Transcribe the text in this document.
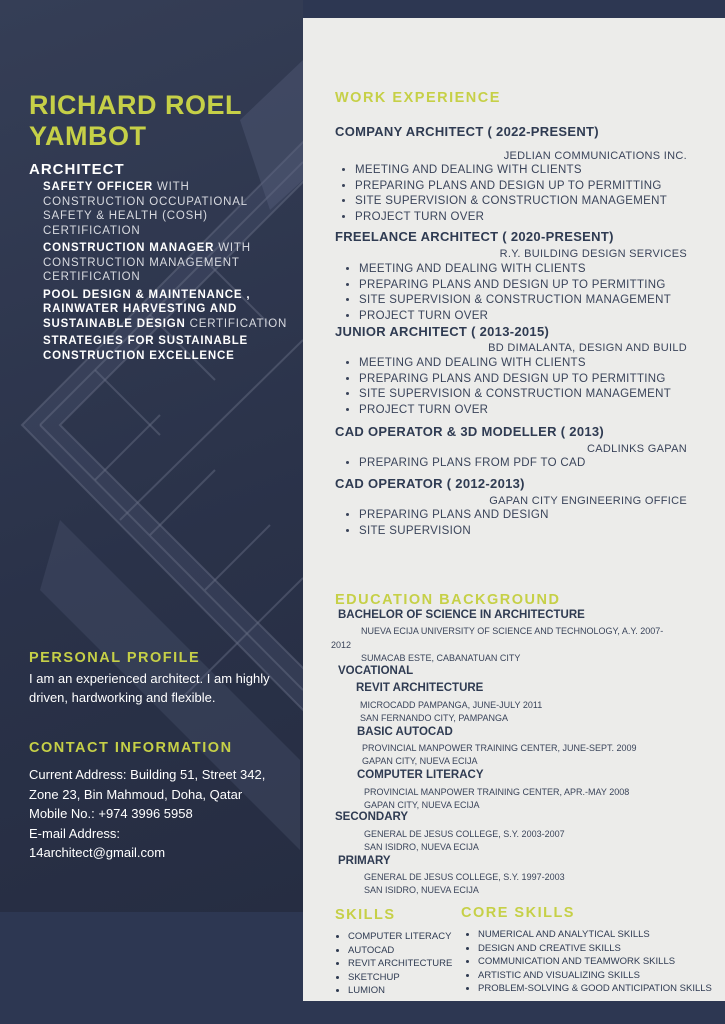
RICHARD ROEL
YAMBOT
ARCHITECT
SAFETY OFFICER WITH CONSTRUCTION OCCUPATIONAL SAFETY & HEALTH (COSH) CERTIFICATION
CONSTRUCTION MANAGER WITH CONSTRUCTION MANAGEMENT CERTIFICATION
POOL DESIGN & MAINTENANCE , RAINWATER HARVESTING AND SUSTAINABLE DESIGN CERTIFICATION
STRATEGIES FOR SUSTAINABLE CONSTRUCTION EXCELLENCE
PERSONAL PROFILE
I am an experienced architect. I am highly driven, hardworking and flexible.
CONTACT INFORMATION
Current Address: Building 51, Street 342, Zone 23, Bin Mahmoud, Doha, Qatar
Mobile No.: +974 3996 5958
E-mail Address:
14architect@gmail.com
WORK EXPERIENCE
COMPANY ARCHITECT ( 2022-PRESENT)
JEDLIAN COMMUNICATIONS INC.
• MEETING AND DEALING WITH CLIENTS
• PREPARING PLANS AND DESIGN UP TO PERMITTING
• SITE SUPERVISION & CONSTRUCTION MANAGEMENT
• PROJECT TURN OVER
FREELANCE ARCHITECT ( 2020-PRESENT)
R.Y. BUILDING DESIGN SERVICES
• MEETING AND DEALING WITH CLIENTS
• PREPARING PLANS AND DESIGN UP TO PERMITTING
• SITE SUPERVISION & CONSTRUCTION MANAGEMENT
• PROJECT TURN OVER
JUNIOR ARCHITECT ( 2013-2015)
BD DIMALANTA, DESIGN AND BUILD
• MEETING AND DEALING WITH CLIENTS
• PREPARING PLANS AND DESIGN UP TO PERMITTING
• SITE SUPERVISION & CONSTRUCTION MANAGEMENT
• PROJECT TURN OVER
CAD OPERATOR & 3D MODELLER ( 2013)
CADLINKS GAPAN
• PREPARING PLANS FROM PDF TO CAD
CAD OPERATOR ( 2012-2013)
GAPAN CITY ENGINEERING OFFICE
• PREPARING PLANS AND DESIGN
• SITE SUPERVISION
EDUCATION BACKGROUND
BACHELOR OF SCIENCE IN ARCHITECTURE
NUEVA ECIJA UNIVERSITY OF SCIENCE AND TECHNOLOGY, A.Y. 2007-2012
SUMACAB ESTE, CABANATUAN CITY
VOCATIONAL
REVIT ARCHITECTURE
MICROCADD PAMPANGA, JUNE-JULY 2011
SAN FERNANDO CITY, PAMPANGA
BASIC AUTOCAD
PROVINCIAL MANPOWER TRAINING CENTER, JUNE-SEPT. 2009
GAPAN CITY, NUEVA ECIJA
COMPUTER LITERACY
PROVINCIAL MANPOWER TRAINING CENTER, APR.-MAY 2008
GAPAN CITY, NUEVA ECIJA
SECONDARY
GENERAL DE JESUS COLLEGE, S.Y. 2003-2007
SAN ISIDRO, NUEVA ECIJA
PRIMARY
GENERAL DE JESUS COLLEGE, S.Y. 1997-2003
SAN ISIDRO, NUEVA ECIJA
SKILLS
• COMPUTER LITERACY
• AUTOCAD
• REVIT ARCHITECTURE
• SKETCHUP
• LUMION
CORE SKILLS
• NUMERICAL AND ANALYTICAL SKILLS
• DESIGN AND CREATIVE SKILLS
• COMMUNICATION AND TEAMWORK SKILLS
• ARTISTIC AND VISUALIZING SKILLS
• PROBLEM-SOLVING & GOOD ANTICIPATION SKILLS
